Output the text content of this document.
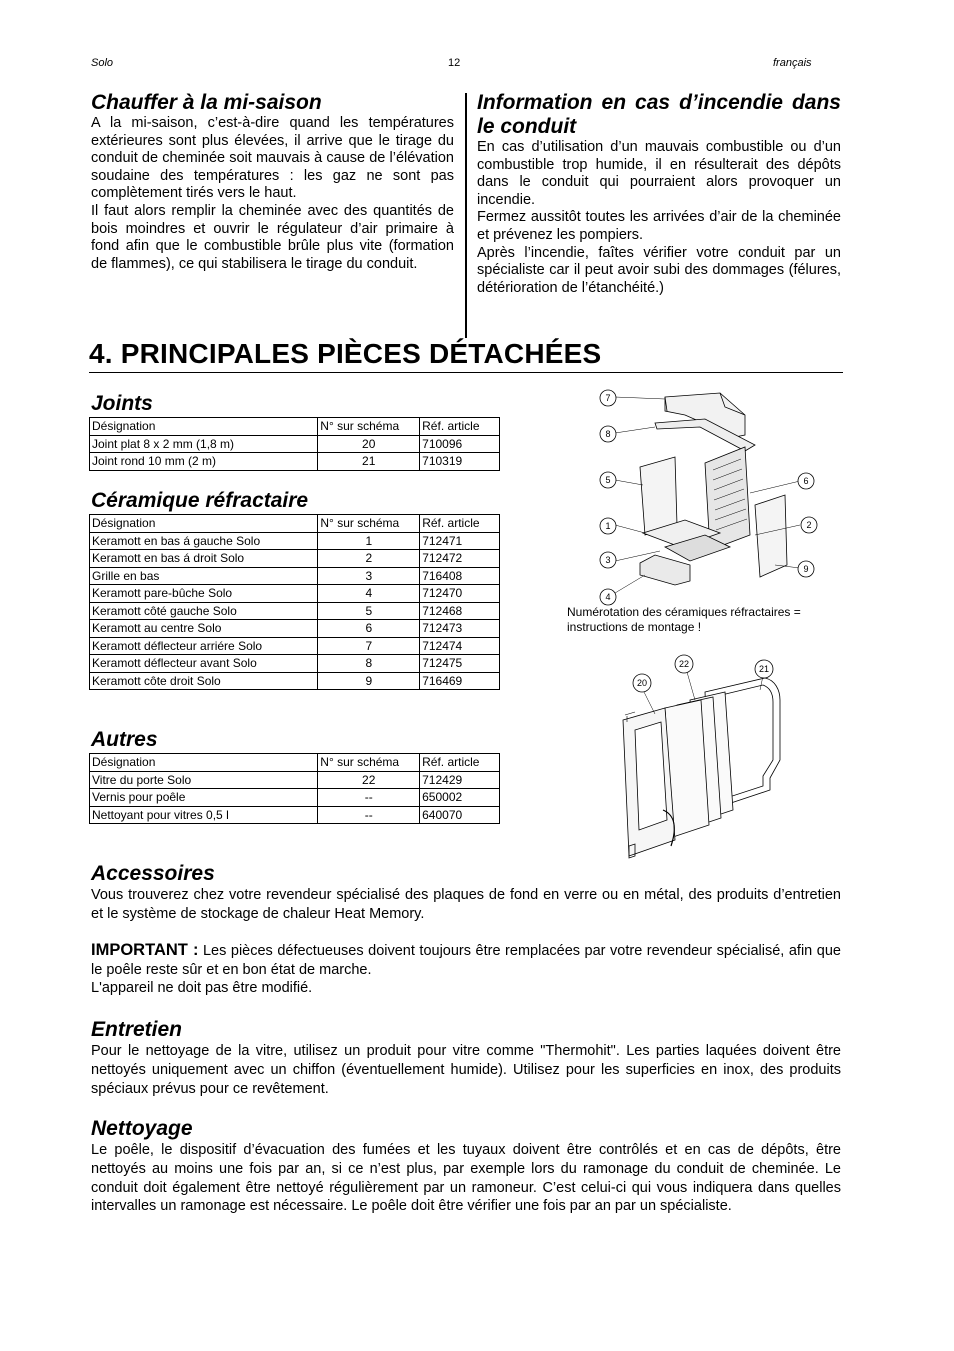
Solo	12	français
Chauffer à la mi-saison

A la mi-saison, c’est-à-dire quand les températures extérieures sont plus élevées, il arrive que le tirage du conduit de cheminée soit mauvais à cause de l’élévation soudaine des températures : les gaz ne sont pas complètement tirés vers le haut.

Il faut alors remplir la cheminée avec des quantités de bois moindres et ouvrir le régulateur d’air primaire à fond afin que le combustible brûle plus vite (formation de flammes), ce qui stabilisera le tirage du conduit.

Information en cas d’incendie dans le conduit

En cas d’utilisation d’un mauvais combustible ou d’un combustible trop humide, il en résulterait des dépôts dans le conduit qui pourraient alors provoquer un incendie.

Fermez aussitôt toutes les arrivées d’air de la cheminée et prévenez les pompiers.

Après l’incendie, faîtes vérifier votre conduit par un spécialiste car il peut avoir subi des dommages (félures, détérioration de l’étanchéité.)

4. PRINCIPALES PIÈCES DÉTACHÉES
Joints
Désignation	N° sur schéma	Réf. article
Joint plat 8 x 2 mm (1,8 m)	20	710096
Joint rond 10 mm (2 m)	21	710319
Céramique réfractaire
Désignation	N° sur schéma	Réf. article
Keramott en bas á gauche Solo	1	712471
Keramott en bas á droit Solo	2	712472
Grille en bas	3	716408
Keramott pare-bûche Solo	4	712470
Keramott côté gauche Solo	5	712468
Keramott au centre Solo	6	712473
Keramott déflecteur arriére Solo	7	712474
Keramott déflecteur avant Solo	8	712475
Keramott côte droit Solo	9	716469
Autres
Désignation	N° sur schéma	Réf. article
Vitre du porte Solo	22	712429
Vernis pour poêle	--	650002
Nettoyant pour vitres 0,5 l	--	640070
7
8
5	6
1	2
3
9
4
Numérotation des céramiques réfractaires =
instructions de montage !
22	21
20
Accessoires

Vous trouverez chez votre revendeur spécialisé des plaques de fond en verre ou en métal, des produits d’entretien et le système de stockage de chaleur Heat Memory.

IMPORTANT : Les pièces défectueuses doivent toujours être remplacées par votre revendeur spécialisé, afin que le poêle reste sûr et en bon état de marche.

L'appareil ne doit pas être modifié.

Entretien

Pour le nettoyage de la vitre, utilisez un produit pour vitre comme "Thermohit". Les parties laquées doivent être nettoyés uniquement avec un chiffon (éventuellement humide). Utilisez pour les superficies en inox, des produits spéciaux prévus pour ce revêtement.

Nettoyage

Le poêle, le dispositif d’évacuation des fumées et les tuyaux doivent être contrôlés et en cas de dépôts, être nettoyés au moins une fois par an, si ce n’est plus, par exemple lors du ramonage du conduit de cheminée. Le conduit doit également être nettoyé régulièrement par un ramoneur. C’est celui-ci qui vous indiquera dans quelles intervalles un ramonage est nécessaire. Le poêle doit être vérifier une fois par an par un spécialiste.
